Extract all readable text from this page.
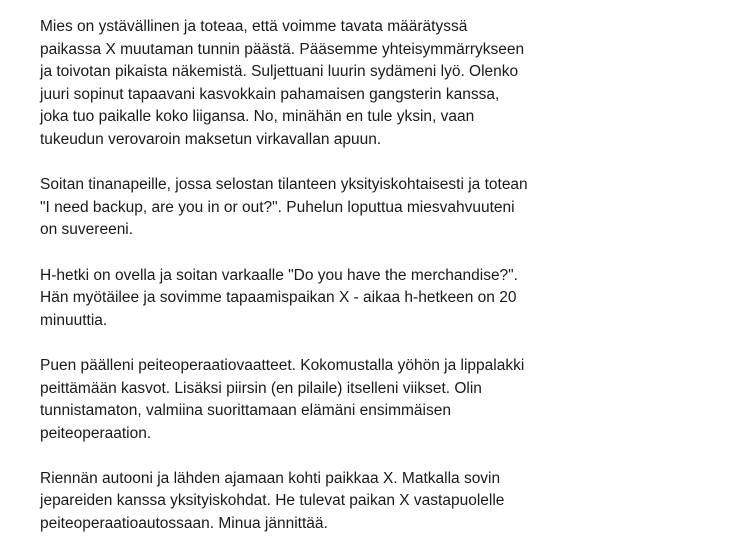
Mies on ystävällinen ja toteaa, että voimme tavata määrätyssä
paikassa X muutaman tunnin päästä. Pääsemme yhteisymmärrykseen
ja toivotan pikaista näkemistä. Suljettuani luurin sydämeni lyö. Olenko
juuri sopinut tapaavani kasvokkain pahamaisen gangsterin kanssa,
joka tuo paikalle koko liigansa. No, minähän en tule yksin, vaan
tukeudun verovaroin maksetun virkavallan apuun.

Soitan tinanapeille, jossa selostan tilanteen yksityiskohtaisesti ja totean
"I need backup, are you in or out?". Puhelun loputtua miesvahvuuteni
on suvereeni.

H-hetki on ovella ja soitan varkaalle "Do you have the merchandise?".
Hän myötäilee ja sovimme tapaamispaikan X - aikaa h-hetkeen on 20
minuuttia.

Puen päälleni peiteoperaatiovaatteet. Kokomustalla yöhön ja lippalakki
peittämään kasvot. Lisäksi piirsin (en pilaile) itselleni viikset. Olin
tunnistamaton, valmiina suorittamaan elämäni ensimmäisen
peiteoperaation.

Riennän autooni ja lähden ajamaan kohti paikkaa X. Matkalla sovin
jepareiden kanssa yksityiskohdat. He tulevat paikan X vastapuolelle
peiteoperaatioautossaan. Minua jännittää.
